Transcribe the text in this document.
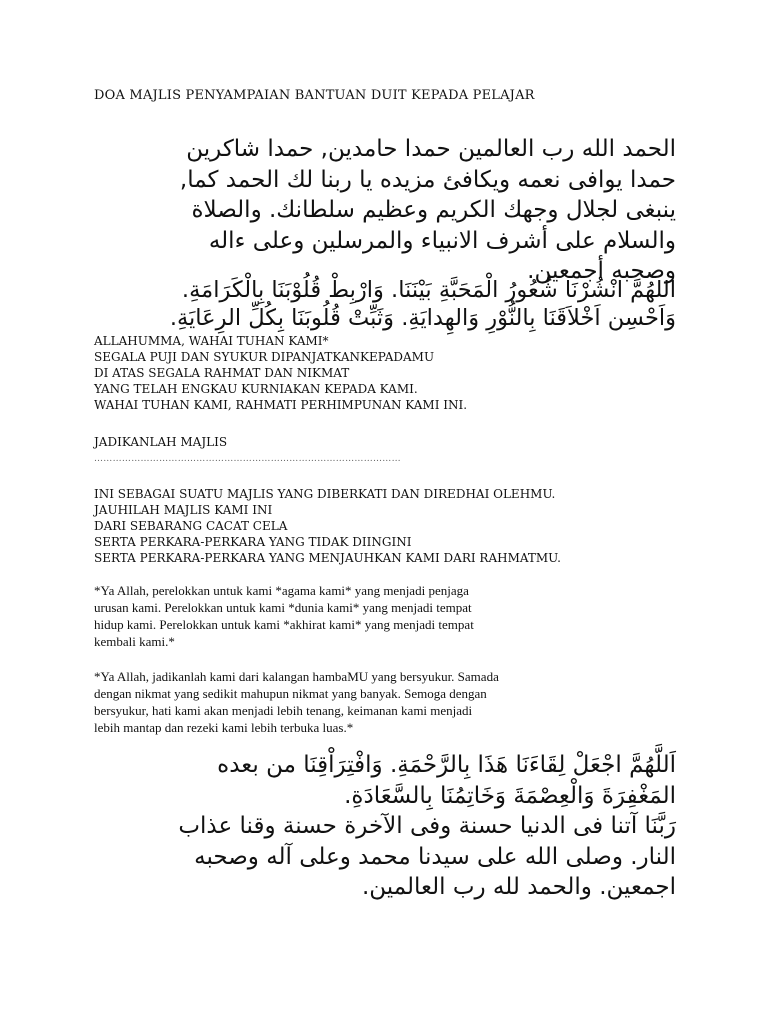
DOA MAJLIS PENYAMPAIAN BANTUAN DUIT KEPADA PELAJAR

الحمد الله رب العالمين حمدا حامدين, حمدا شاكرين
حمدا يوافى نعمه ويكافئ مزيده يا ربنا لك الحمد كما,
ينبغى لجلال وجهك الكريم وعظيم سلطانك. والصلاة
والسلام على أشرف الانبياء والمرسلين وعلى ءاله
وصحبه أجمعين.

اللهُمَّ انْشُرْنَا شُعُورُ الْمَحَبَّةِ بَيْنَنَا. وَارْبِطْ قُلُوْبَنَا بِالْكَرَامَةِ.
وَاَحْسِن اَخْلاَقَنَا بِالنُّوْرِ وَالهِدايَةِ. وَثَبِّتْ قُلُوبَنَا بِكُلِّ الرِعَايَةِ.

ALLAHUMMA, WAHAI TUHAN KAMI*
SEGALA PUJI DAN SYUKUR DIPANJATKANKEPADAMU
DI ATAS SEGALA RAHMAT DAN NIKMAT
YANG TELAH ENGKAU KURNIAKAN KEPADA KAMI.
WAHAI TUHAN KAMI, RAHMATI PERHIMPUNAN KAMI INI.

JADIKANLAH MAJLIS

………………………………………………………………………………………

INI SEBAGAI SUATU MAJLIS YANG DIBERKATI DAN DIREDHAI OLEHMU.
JAUHILAH MAJLIS KAMI INI
DARI SEBARANG CACAT CELA
SERTA PERKARA-PERKARA YANG TIDAK DIINGINI
SERTA PERKARA-PERKARA YANG MENJAUHKAN KAMI DARI RAHMATMU.

*Ya Allah, perelokkan untuk kami *agama kami* yang menjadi penjaga
urusan kami. Perelokkan untuk kami *dunia kami* yang menjadi tempat
hidup kami. Perelokkan untuk kami *akhirat kami* yang menjadi tempat
kembali kami.*

*Ya Allah, jadikanlah kami dari kalangan hambaMU yang bersyukur. Samada
dengan nikmat yang sedikit mahupun nikmat yang banyak. Semoga dengan
bersyukur, hati kami akan menjadi lebih tenang, keimanan kami menjadi
lebih mantap dan rezeki kami lebih terbuka luas.*

اَللَّهُمَّ اجْعَلْ لِقَاءَنَا هَذَا بِالرَّحْمَةِ. وَافْتِرَاْقِنَا من بعده
المَغْفِرَةَ وَالْعِصْمَةَ وَخَاتِمُنَا بِالسَّعَادَةِ.
رَبَّنَا آتنا فى الدنيا حسنة وفى الآخرة حسنة وقنا عذاب
النار. وصلى الله على سيدنا محمد وعلى آله وصحبه
اجمعين. والحمد لله رب العالمين.
